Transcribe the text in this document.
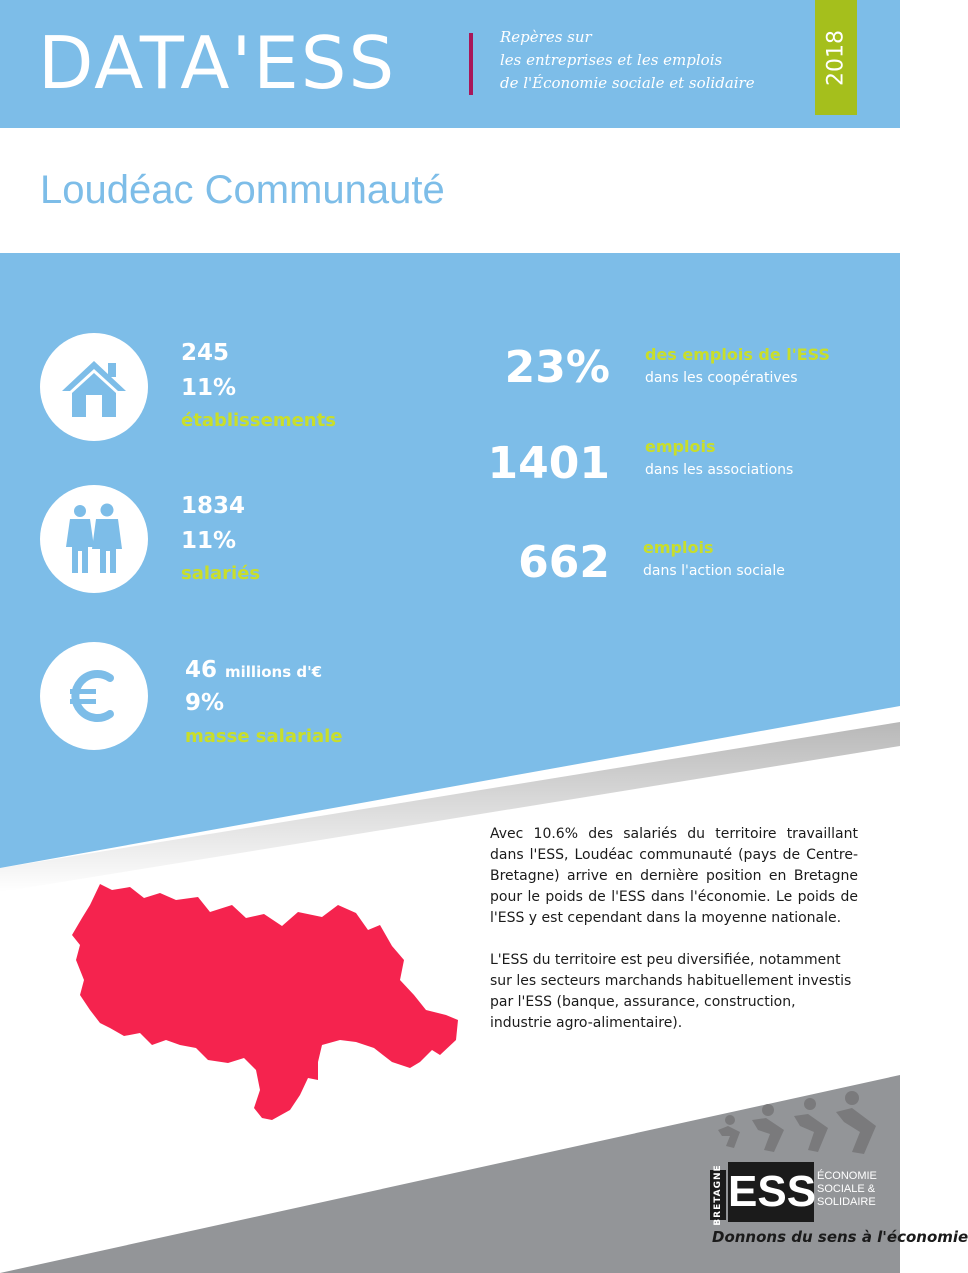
DATA'ESS	Repères sur
les entreprises et les emplois
de l'Économie sociale et solidaire	2018
Loudéac Communauté
245
11%
établissements
1834
11%
salariés
46 millions d'€
9%
masse salariale
23% des emplois de l'ESS
dans les coopératives
1401 emplois
dans les associations
662 emplois
dans l'action sociale

Avec 10.6% des salariés du territoire travaillant dans l'ESS, Loudéac communauté (pays de Centre-Bretagne) arrive en dernière position en Bretagne pour le poids de l'ESS dans l'économie. Le poids de l'ESS y est cependant dans la moyenne nationale.

L'ESS du territoire est peu diversifiée, notamment sur les secteurs marchands habituellement investis par l'ESS (banque, assurance, construction, industrie agro-alimentaire).

BRETAGNE ESS ÉCONOMIE
SOCIALE &
SOLIDAIRE
Donnons du sens à l'économie
